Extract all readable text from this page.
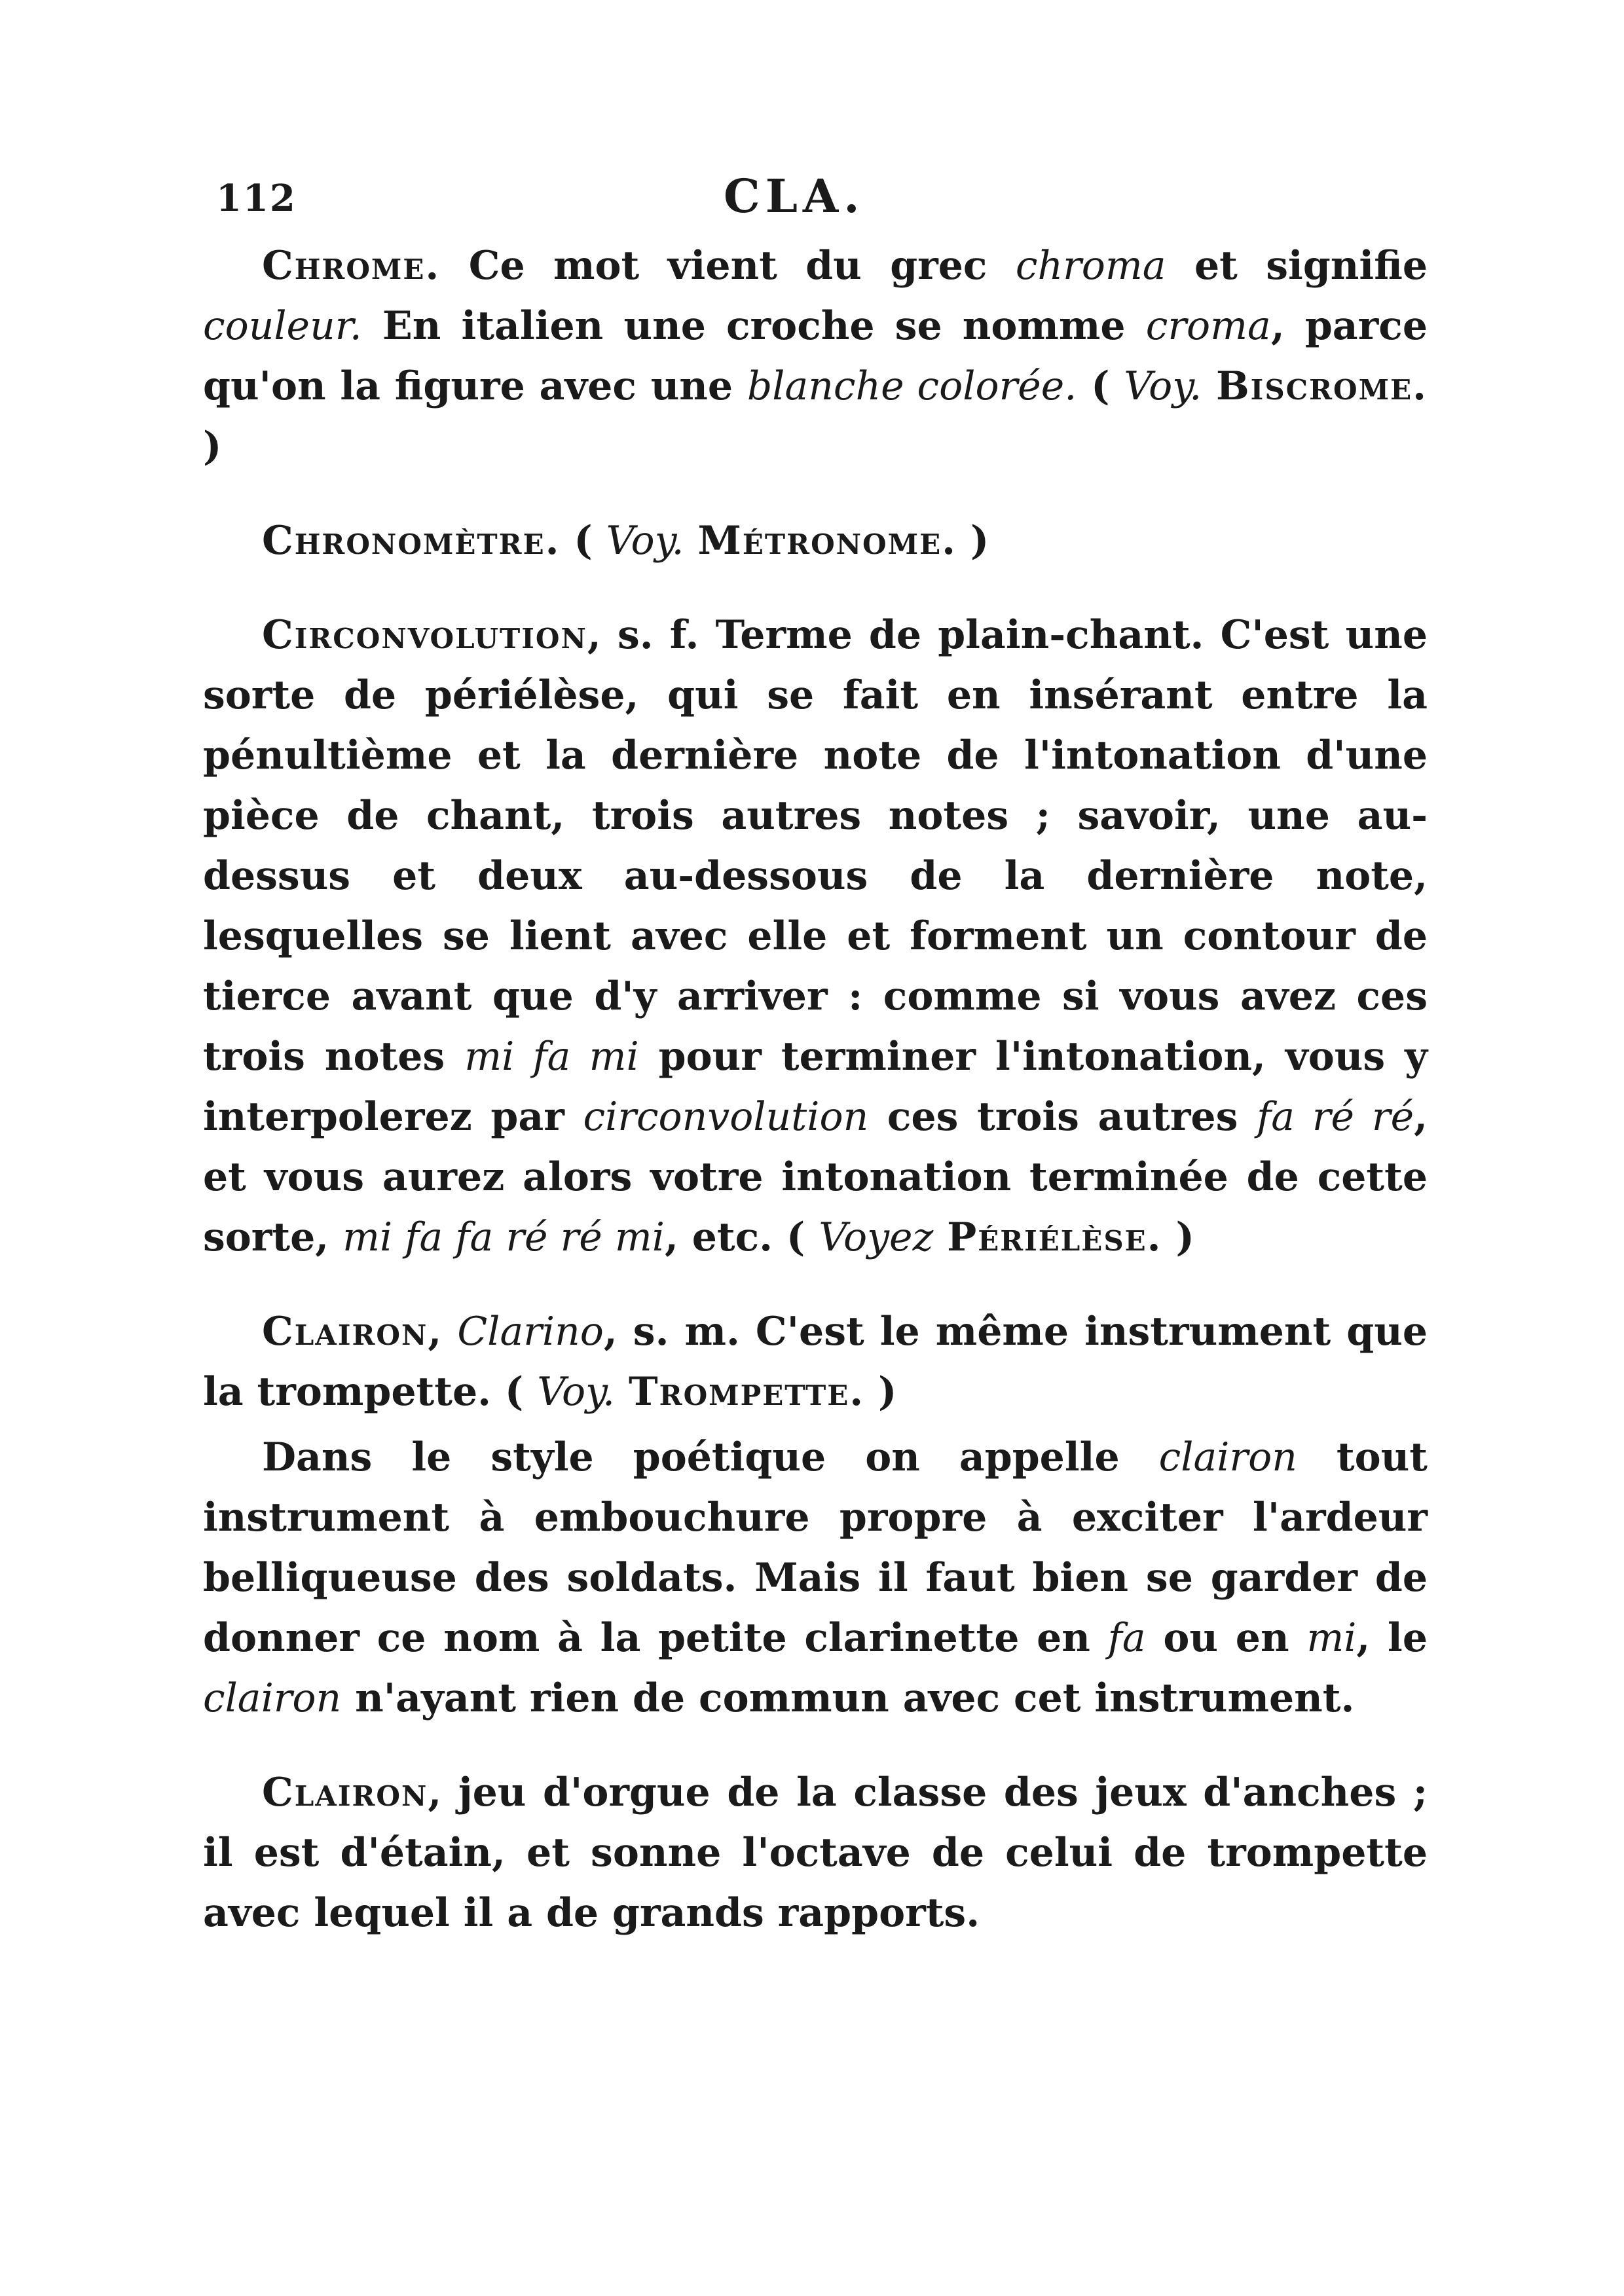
112	CLA.

Chrome. Ce mot vient du grec chroma et signifie couleur. En italien une croche se nomme croma, parce qu'on la figure avec une blanche colorée. ( Voy. Biscrome. )

Chronomètre. ( Voy. Métronome. )

Circonvolution, s. f. Terme de plain-chant. C'est une sorte de périélèse, qui se fait en insérant entre la pénultième et la dernière note de l'intonation d'une pièce de chant, trois autres notes ; savoir, une au-dessus et deux au-dessous de la dernière note, lesquelles se lient avec elle et forment un contour de tierce avant que d'y arriver : comme si vous avez ces trois notes mi fa mi pour terminer l'intonation, vous y interpolerez par circonvolution ces trois autres fa ré ré, et vous aurez alors votre intonation terminée de cette sorte, mi fa fa ré ré mi, etc. ( Voyez Périélèse. )

Clairon, Clarino, s. m. C'est le même instrument que la trompette. ( Voy. Trompette. )

Dans le style poétique on appelle clairon tout instrument à embouchure propre à exciter l'ardeur belliqueuse des soldats. Mais il faut bien se garder de donner ce nom à la petite clarinette en fa ou en mi, le clairon n'ayant rien de commun avec cet instrument.

Clairon, jeu d'orgue de la classe des jeux d'anches ; il est d'étain, et sonne l'octave de celui de trompette avec lequel il a de grands rapports.
